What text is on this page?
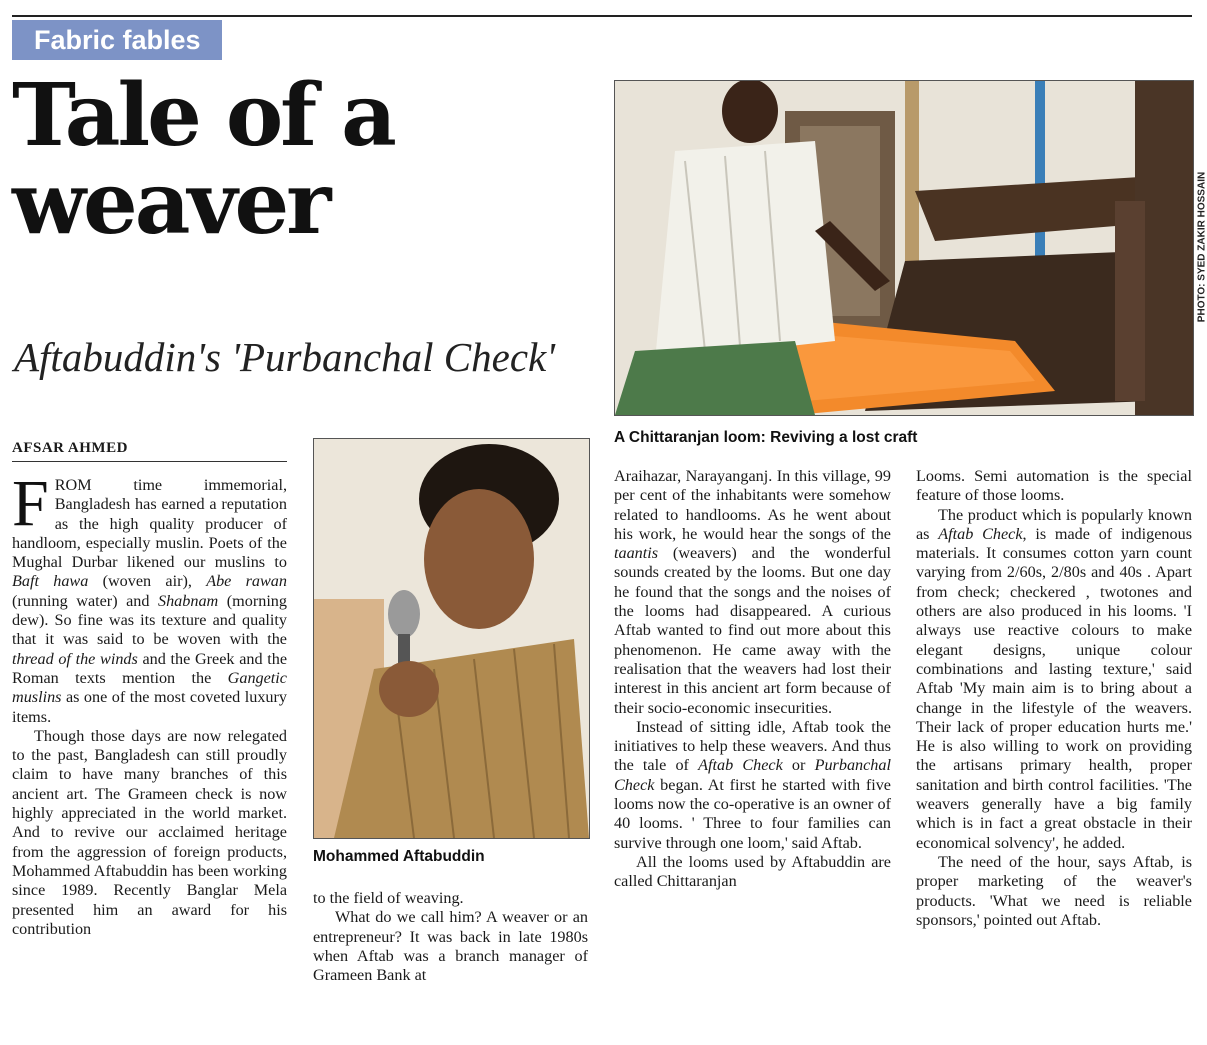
Fabric fables
Tale of a weaver
Aftabuddin's 'Purbanchal Check'
PHOTO: SYED ZAKIR HOSSAIN
A Chittaranjan loom: Reviving a lost craft
Mohammed Aftabuddin
AFSAR AHMED

FROM time immemorial, Bangladesh has earned a reputation as the high quality producer of handloom, especially muslin. Poets of the Mughal Durbar likened our muslins to Baft hawa (woven air), Abe rawan (running water) and Shabnam (morning dew). So fine was its texture and quality that it was said to be woven with the thread of the winds and the Greek and the Roman texts mention the Gangetic muslins as one of the most coveted luxury items.

Though those days are now relegated to the past, Bangladesh can still proudly claim to have many branches of this ancient art. The Grameen check is now highly appreciated in the world market. And to revive our acclaimed heritage from the aggression of foreign products, Mohammed Aftabuddin has been working since 1989. Recently Banglar Mela presented him an award for his contribution

to the field of weaving.

What do we call him? A weaver or an entrepreneur? It was back in late 1980s when Aftab was a branch manager of Grameen Bank at

Araihazar, Narayanganj. In this village, 99 per cent of the inhabitants were somehow related to handlooms. As he went about his work, he would hear the songs of the taantis (weavers) and the wonderful sounds created by the looms. But one day he found that the songs and the noises of the looms had disappeared. A curious Aftab wanted to find out more about this phenomenon. He came away with the realisation that the weavers had lost their interest in this ancient art form because of their socio-economic insecurities.

Instead of sitting idle, Aftab took the initiatives to help these weavers. And thus the tale of Aftab Check or Purbanchal Check began. At first he started with five looms now the co-operative is an owner of 40 looms. ' Three to four families can survive through one loom,' said Aftab.

All the looms used by Aftabuddin are called Chittaranjan

Looms. Semi automation is the special feature of those looms.

The product which is popularly known as Aftab Check, is made of indigenous materials. It consumes cotton yarn count varying from 2/60s, 2/80s and 40s . Apart from check; checkered , twotones and others are also produced in his looms. 'I always use reactive colours to make elegant designs, unique colour combinations and lasting texture,' said Aftab 'My main aim is to bring about a change in the lifestyle of the weavers. Their lack of proper education hurts me.' He is also willing to work on providing the artisans primary health, proper sanitation and birth control facilities. 'The weavers generally have a big family which is in fact a great obstacle in their economical solvency', he added.

The need of the hour, says Aftab, is proper marketing of the weaver's products. 'What we need is reliable sponsors,' pointed out Aftab.
